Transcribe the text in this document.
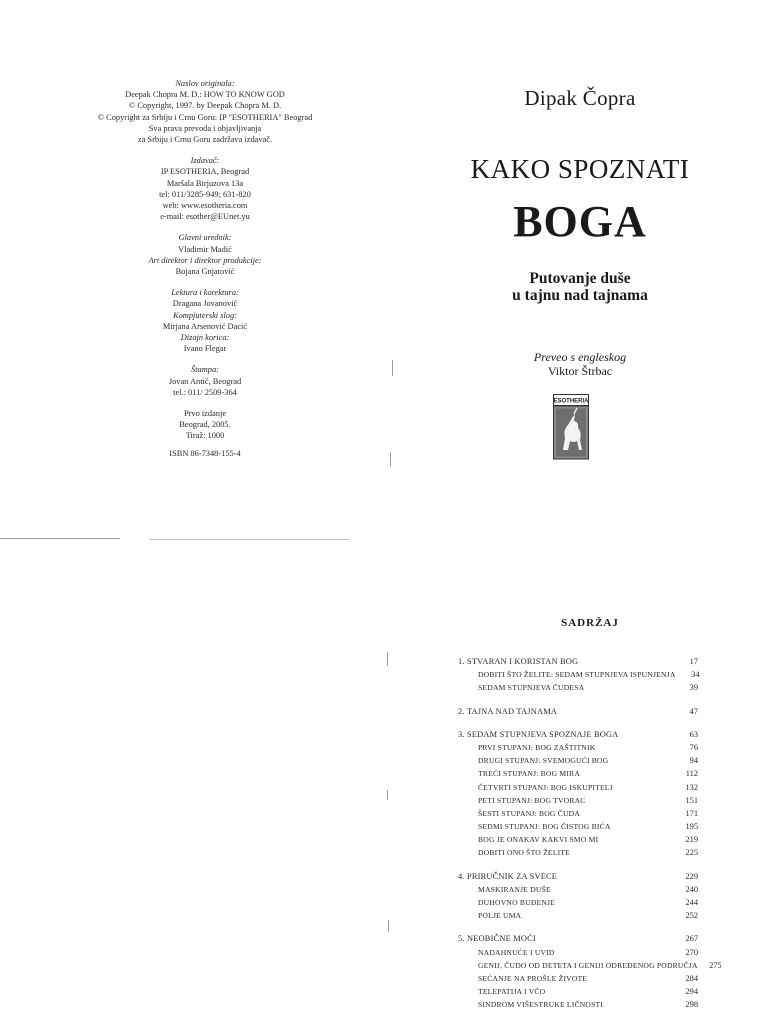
Naslov originala:
Deepak Chopra M. D.: HOW TO KNOW GOD
© Copyright, 1997. by Deepak Chopra M. D.
© Copyright za Srbiju i Crnu Goru: IP "ESOTHERIA" Beograd
Sva prava prevoda i objavljivanja
za Srbiju i Crnu Goru zadržava izdavač.
Izdavač:
IP ESOTHERIA, Beograd
Maršala Birjuzova 13a
tel: 011/3285-949; 631-820
web: www.esotheria.com
e-mail: esother@EUnet.yu
Glavni urednik:
Vladimir Madić
Art direktor i direktor produkcije:
Bojana Gnjatović
Lektura i korektura:
Dragana Jovanović
Kompjuterski slog:
Mirjana Arsenović Dacić
Dizajn korica:
Ivano Flegar
Štampa:
Jovan Antić, Beograd
tel.: 011/ 2509-364
Prvo izdanje
Beograd, 2005.
Tiraž: 1000
ISBN 86-7348-155-4
Dipak Čopra
KAKO SPOZNATI
BOGA
Putovanje duše
u tajnu nad tajnama
Preveo s engleskog
Viktor Štrbac
ESOTHERIA
SADRŽAJ
1. STVARAN I KORISTAN BOG	17
DOBITI ŠTO ŽELITE: SEDAM STUPNJEVA ISPUNJENJA	34
SEDAM STUPNJEVA ČUDESA	39
2. TAJNA NAD TAJNAMA	47
3. SEDAM STUPNJEVA SPOZNAJE BOGA	63
PRVI STUPANJ: BOG ZAŠTITNIK	76
DRUGI STUPANJ: SVEMOGUĆI BOG	94
TREĆI STUPANJ: BOG MIRA	112
ČETVRTI STUPANJ: BOG ISKUPITELJ	132
PETI STUPANJ: BOG TVORAC	151
ŠESTI STUPANJ: BOG ČUDA	171
SEDMI STUPANJ: BOG ČISTOG BIĆA	195
BOG JE ONAKAV KAKVI SMO MI	219
DOBITI ONO ŠTO ŽELITE	225
4. PRIRUČNIK ZA SVECE	229
MASKIRANJE DUŠE	240
DUHOVNO BUĐENJE	244
POLJE UMA	252
5. NEOBIČNE MOĆI	267
NADAHNUĆE I UVID	270
GENIJ, ČUDO OD DETETA I GENIJI ODREĐENOG PODRUČJA	275
SEĆANJE NA PROŠLE ŽIVOTE	284
TELEPATIJA I VČO	294
SINDROM VIŠESTRUKE LIČNOSTI	298
